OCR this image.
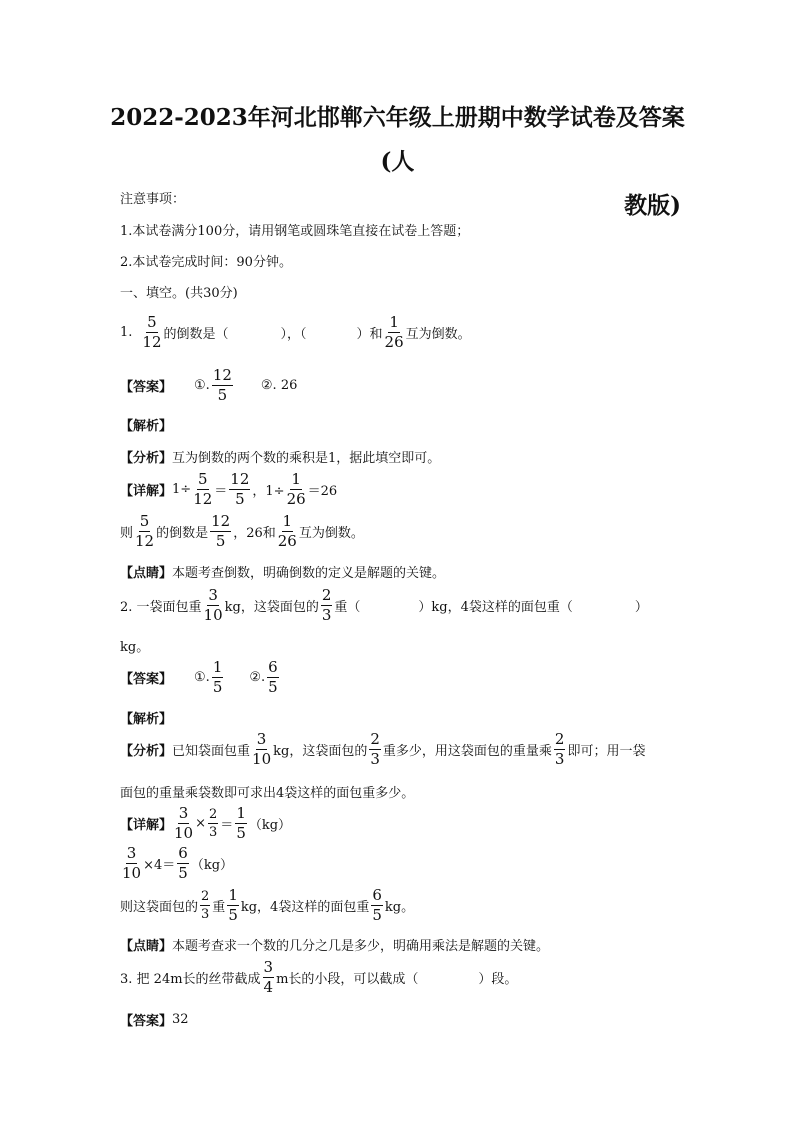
2022-2023年河北邯郸六年级上册期中数学试卷及答案(人
教版)
注意事项：
1.本试卷满分100分，请用钢笔或圆珠笔直接在试卷上答题；
2.本试卷完成时间：90分钟。
一、填空。(共30分)
1. $\frac{5}{12}$ 的倒数是（	），（	）和 $\frac{1}{26}$ 互为倒数。
【答案】 ①. $\frac{12}{5}$ ②. 26
【解析】
【分析】 互为倒数的两个数的乘积是1，据此填空即可。
【详解】 $1\div \frac{5}{12} = \frac{12}{5}$ ，$1\div \frac{1}{26} =26$
则 $\frac{5}{12}$ 的倒数是 $\frac{12}{5}$ ，26和 $\frac{1}{26}$ 互为倒数。
【点睛】 本题考查倒数，明确倒数的定义是解题的关键。
2. 一袋面包重 $\frac{3}{10}$ kg，这袋面包的 $\frac{2}{3}$ 重（	）kg，4袋这样的面包重（	）
kg。
【答案】 ①. $\frac{1}{5}$ ②. $\frac{6}{5}$
【解析】
【分析】 已知袋面包重 $\frac{3}{10}$ kg，这袋面包的 $\frac{2}{3}$ 重多少，用这袋面包的重量乘 $\frac{2}{3}$ 即可；用一袋
面包的重量乘袋数即可求出4袋这样的面包重多少。
【详解】 $\frac{3}{10} \times \frac{2}{3} = \frac{1}{5} (kg)$
$\frac{3}{10} \times 4= \frac{6}{5} (kg)$
则这袋面包的 $\frac{2}{3}$ 重 $\frac{1}{5}$ kg，4袋这样的面包重 $\frac{6}{5}$ kg。
【点睛】 本题考查求一个数的几分之几是多少，明确用乘法是解题的关键。
3. 把 24m长的丝带截成 $\frac{3}{4}$ m长的小段，可以截成（	）段。
【答案】 32
